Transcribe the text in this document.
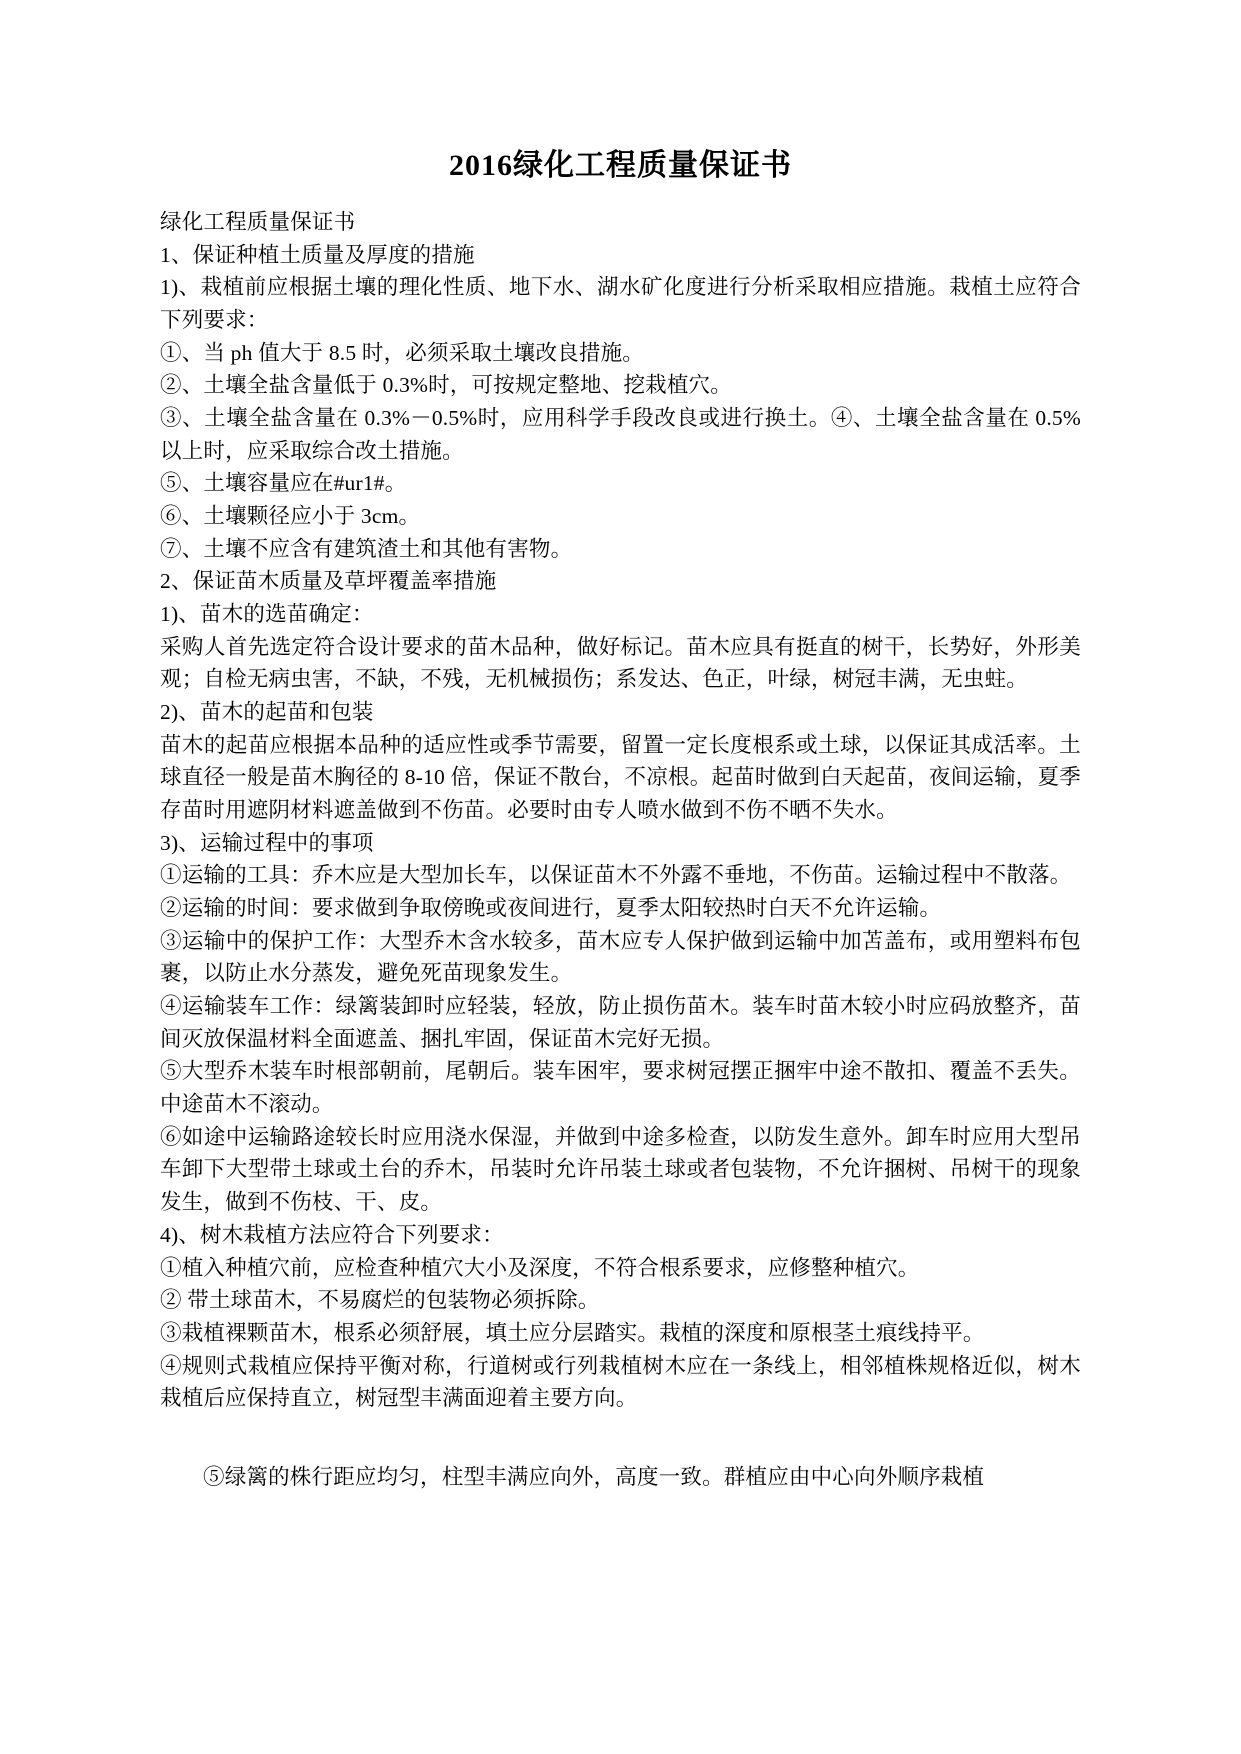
2016绿化工程质量保证书

绿化工程质量保证书

1、保证种植土质量及厚度的措施

1)、栽植前应根据土壤的理化性质、地下水、湖水矿化度进行分析采取相应措施。栽植土应符合下列要求：

①、当 ph 值大于 8.5 时，必须采取土壤改良措施。

②、土壤全盐含量低于 0.3%时，可按规定整地、挖栽植穴。

③、土壤全盐含量在 0.3%－0.5%时，应用科学手段改良或进行换土。④、土壤全盐含量在 0.5%以上时，应采取综合改土措施。

⑤、土壤容量应在#ur1#。

⑥、土壤颗径应小于 3cm。

⑦、土壤不应含有建筑渣土和其他有害物。

2、保证苗木质量及草坪覆盖率措施

1)、苗木的选苗确定：

采购人首先选定符合设计要求的苗木品种，做好标记。苗木应具有挺直的树干，长势好，外形美观；自检无病虫害，不缺，不残，无机械损伤；系发达、色正，叶绿，树冠丰满，无虫蛀。

2)、苗木的起苗和包装

苗木的起苗应根据本品种的适应性或季节需要，留置一定长度根系或土球，以保证其成活率。土球直径一般是苗木胸径的 8-10 倍，保证不散台，不凉根。起苗时做到白天起苗，夜间运输，夏季存苗时用遮阴材料遮盖做到不伤苗。必要时由专人喷水做到不伤不晒不失水。

3)、运输过程中的事项

①运输的工具：乔木应是大型加长车，以保证苗木不外露不垂地，不伤苗。运输过程中不散落。

②运输的时间：要求做到争取傍晚或夜间进行，夏季太阳较热时白天不允许运输。

③运输中的保护工作：大型乔木含水较多，苗木应专人保护做到运输中加苫盖布，或用塑料布包裹，以防止水分蒸发，避免死苗现象发生。

④运输装车工作：绿篱装卸时应轻装，轻放，防止损伤苗木。装车时苗木较小时应码放整齐，苗间灭放保温材料全面遮盖、捆扎牢固，保证苗木完好无损。

⑤大型乔木装车时根部朝前，尾朝后。装车困牢，要求树冠摆正捆牢中途不散扣、覆盖不丢失。中途苗木不滚动。

⑥如途中运输路途较长时应用浇水保湿，并做到中途多检查，以防发生意外。卸车时应用大型吊车卸下大型带土球或土台的乔木，吊装时允许吊装土球或者包装物，不允许捆树、吊树干的现象发生，做到不伤枝、干、皮。

4)、树木栽植方法应符合下列要求：

①植入种植穴前，应检查种植穴大小及深度，不符合根系要求，应修整种植穴。

② 带土球苗木，不易腐烂的包装物必须拆除。

③栽植裸颗苗木，根系必须舒展，填土应分层踏实。栽植的深度和原根茎土痕线持平。

④规则式栽植应保持平衡对称，行道树或行列栽植树木应在一条线上，相邻植株规格近似，树木栽植后应保持直立，树冠型丰满面迎着主要方向。

⑤绿篱的株行距应均匀，柱型丰满应向外，高度一致。群植应由中心向外顺序栽植
